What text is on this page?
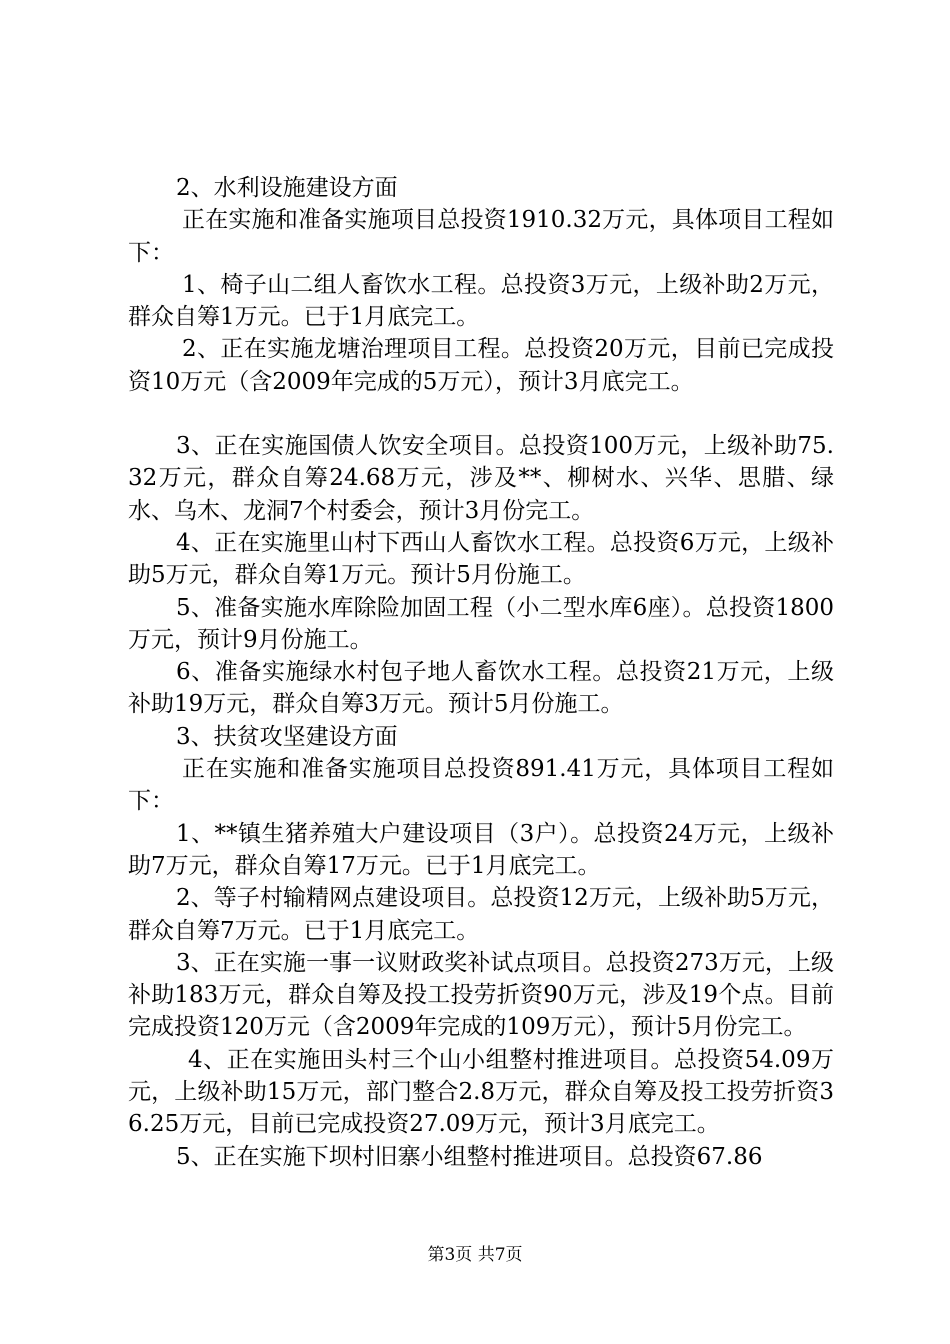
2、水利设施建设方面

正在实施和准备实施项目总投资1910.32万元，具体项目工程如下：

1、椅子山二组人畜饮水工程。总投资3万元，上级补助2万元，群众自筹1万元。已于1月底完工。

2、正在实施龙塘治理项目工程。总投资20万元，目前已完成投资10万元（含2009年完成的5万元），预计3月底完工。

3、正在实施国债人饮安全项目。总投资100万元，上级补助75.32万元，群众自筹24.68万元，涉及**、柳树水、兴华、思腊、绿水、乌木、龙洞7个村委会，预计3月份完工。

4、正在实施里山村下西山人畜饮水工程。总投资6万元，上级补助5万元，群众自筹1万元。预计5月份施工。

5、准备实施水库除险加固工程（小二型水库6座）。总投资1800万元，预计9月份施工。

6、准备实施绿水村包子地人畜饮水工程。总投资21万元，上级补助19万元，群众自筹3万元。预计5月份施工。

3、扶贫攻坚建设方面

正在实施和准备实施项目总投资891.41万元，具体项目工程如下：

1、**镇生猪养殖大户建设项目（3户）。总投资24万元，上级补助7万元，群众自筹17万元。已于1月底完工。

2、等子村输精网点建设项目。总投资12万元，上级补助5万元，群众自筹7万元。已于1月底完工。

3、正在实施一事一议财政奖补试点项目。总投资273万元，上级补助183万元，群众自筹及投工投劳折资90万元，涉及19个点。目前完成投资120万元（含2009年完成的109万元），预计5月份完工。

4、正在实施田头村三个山小组整村推进项目。总投资54.09万元，上级补助15万元，部门整合2.8万元，群众自筹及投工投劳折资36.25万元，目前已完成投资27.09万元，预计3月底完工。

5、正在实施下坝村旧寨小组整村推进项目。总投资67.86

第3页 共7页
